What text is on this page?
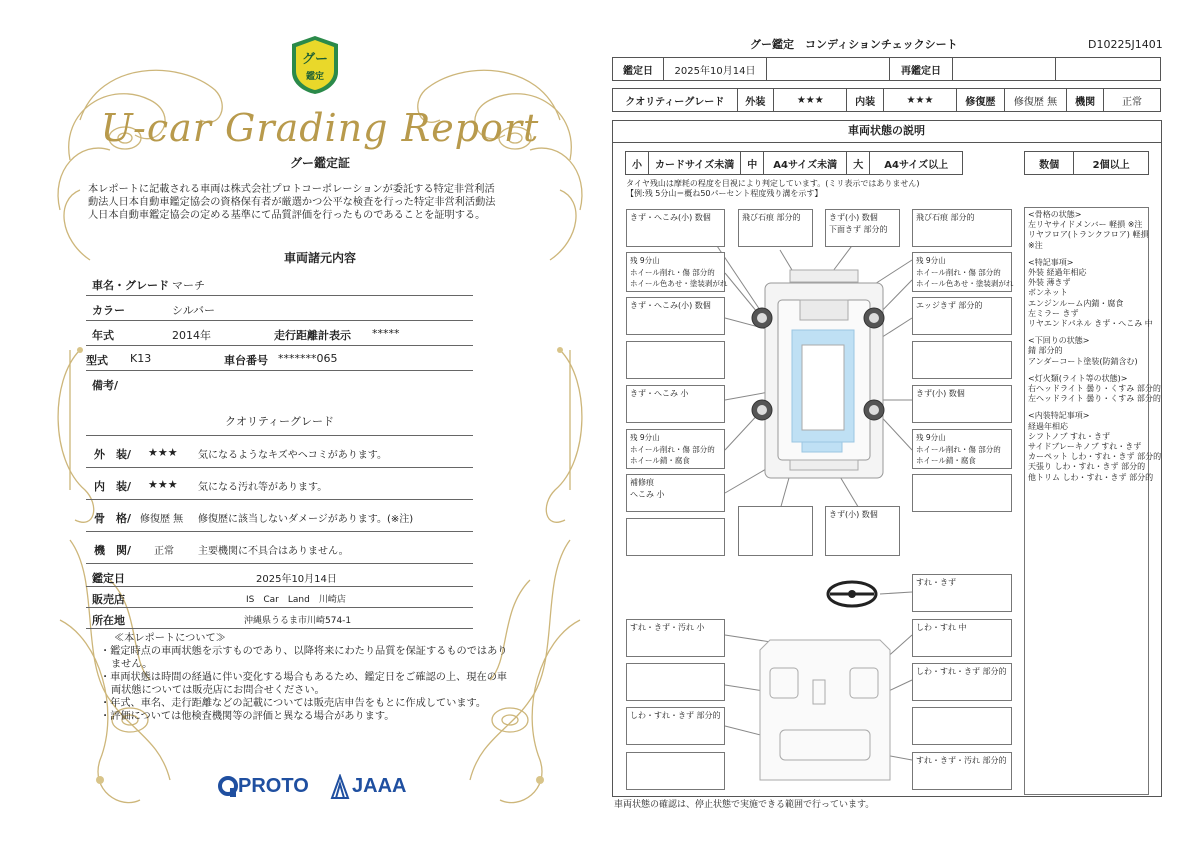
グー
鑑定
U-car Grading Report
グー鑑定証
本レポートに記載される車両は株式会社プロトコーポレーションが委託する特定非営利活動法人日本自動車鑑定協会の資格保有者が厳選かつ公平な検査を行った特定非営利活動法人日本自動車鑑定協会の定める基準にて品質評価を行ったものであることを証明する。
車両諸元内容
車名・グレード マーチ
カラー	シルバー
年式	2014年	走行距離計表示 *****
型式 K13	車台番号 *******065
備考/
クオリティーグレード
外　装/ ★★★ 気になるようなキズやヘコミがあります。
内　装/ ★★★ 気になる汚れ等があります。
骨　格/ 修復歴 無 修復歴に該当しないダメージがあります。(※注)
機　関/ 正常 主要機関に不具合はありません。
鑑定日	2025年10月14日
販売店	IS　Car　Land　川崎店
所在地	沖縄県うるま市川崎574-1
≪本レポートについて≫
・鑑定時点の車両状態を示すものであり、以降将来にわたり品質を保証するものではありません。
・車両状態は時間の経過に伴い変化する場合もあるため、鑑定日をご確認の上、現在の車両状態については販売店にお問合せください。
・年式、車名、走行距離などの記載については販売店申告をもとに作成しています。
・評価については他検査機関等の評価と異なる場合があります。
PROTO JAAA
グー鑑定　コンディションチェックシート	D10225J1401
鑑定日	2025年10月14日		再鑑定日		
クオリティーグレード	外装	★★★	内装	★★★	修復歴	修復歴 無	機関	正常
車両状態の説明
小	カードサイズ未満	中	A4サイズ未満	大	A4サイズ以上	数個	2個以上
タイヤ残山は摩耗の程度を目視により判定しています。(ミリ表示ではありません)
【例:残 5分山＝概ね50パーセント程度残り溝を示す】
きず・へこみ(小) 数個	飛び石痕 部分的	きず(小) 数個
下面きず 部分的
飛び石痕 部分的
残 9分山
ホイール削れ・傷 部分的
ホイール色あせ・塗装剥がれ
残 9分山
ホイール削れ・傷 部分的
ホイール色あせ・塗装剥がれ
きず・へこみ(小) 数個	エッジきず 部分的
きず・へこみ 小	きず(小) 数個
残 9分山
ホイール削れ・傷 部分的
ホイール錆・腐食
残 9分山
ホイール削れ・傷 部分的
ホイール錆・腐食
補修痕
へこみ 小
きず(小) 数個
すれ・きず
すれ・きず・汚れ 小	しわ・すれ 中
しわ・すれ・きず 部分的
しわ・すれ・きず 部分的
すれ・きず・汚れ 部分的
<骨格の状態>
左リヤサイドメンバー 軽損 ※注
リヤフロア(トランクフロア) 軽損
※注
<特記事項>
外装 経過年相応
外装 薄きず
ボンネット
エンジンルーム内錆・腐食
左ミラー きず
リヤエンドパネル きず・へこみ 中
<下回りの状態>
錆 部分的
アンダーコート塗装(防錆含む)
<灯火類(ライト等の状態)>
右ヘッドライト 曇り・くすみ 部分的
左ヘッドライト 曇り・くすみ 部分的
<内装特記事項>
経過年相応
シフトノブ すれ・きず
サイドブレーキノブ すれ・きず
カーペット しわ・すれ・きず 部分的
天張り しわ・すれ・きず 部分的
他トリム しわ・すれ・きず 部分的
車両状態の確認は、停止状態で実施できる範囲で行っています。
